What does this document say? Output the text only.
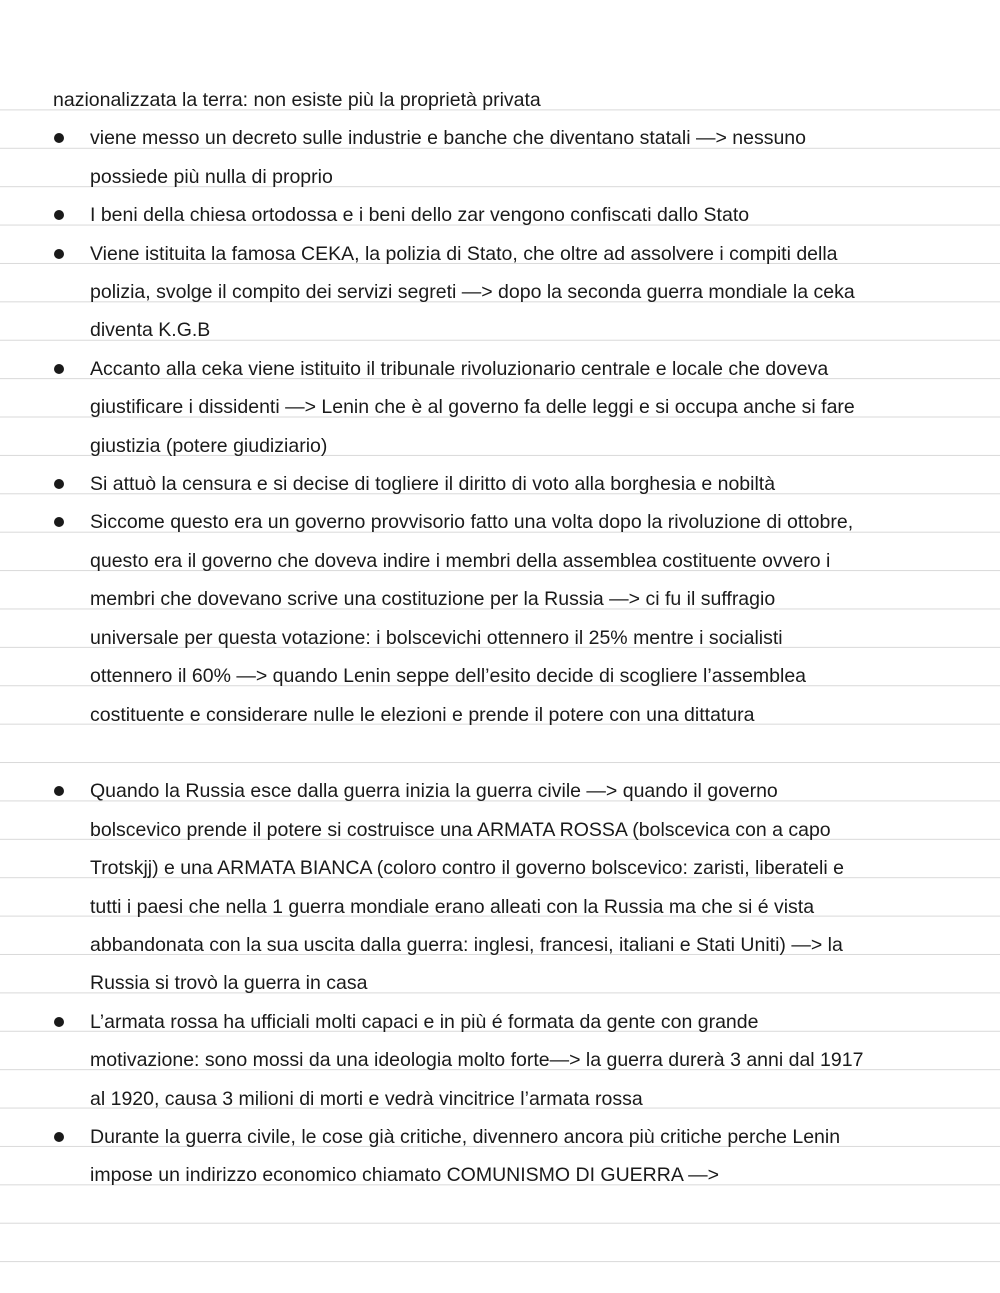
nazionalizzata la terra: non esiste più la proprietà privata

viene messo un decreto sulle industrie e banche che diventano statali —> nessuno
possiede più nulla di proprio
I beni della chiesa ortodossa e i beni dello zar vengono confiscati dallo Stato
Viene istituita la famosa CEKA, la polizia di Stato, che oltre ad assolvere i compiti della
polizia, svolge il compito dei servizi segreti —> dopo la seconda guerra mondiale la ceka
diventa K.G.B
Accanto alla ceka viene istituito il tribunale rivoluzionario centrale e locale che doveva
giustificare i dissidenti —> Lenin che è al governo fa delle leggi e si occupa anche si fare
giustizia (potere giudiziario)
Si attuò la censura e si decise di togliere il diritto di voto alla borghesia e nobiltà
Siccome questo era un governo provvisorio fatto una volta dopo la rivoluzione di ottobre,
questo era il governo che doveva indire i membri della assemblea costituente ovvero i
membri che dovevano scrive una costituzione per la Russia —> ci fu il suffragio
universale per questa votazione: i bolscevichi ottennero il 25% mentre i socialisti
ottennero il 60% —> quando Lenin seppe dell’esito decide di scogliere l’assemblea
costituente e considerare nulle le elezioni e prende il potere con una dittatura
Quando la Russia esce dalla guerra inizia la guerra civile —> quando il governo
bolscevico prende il potere si costruisce una ARMATA ROSSA (bolscevica con a capo
Trotskjj) e una ARMATA BIANCA (coloro contro il governo bolscevico: zaristi, liberateli e
tutti i paesi che nella 1 guerra mondiale erano alleati con la Russia ma che si é vista
abbandonata con la sua uscita dalla guerra: inglesi, francesi, italiani e Stati Uniti) —> la
Russia si trovò la guerra in casa
L’armata rossa ha ufficiali molti capaci e in più é formata da gente con grande
motivazione: sono mossi da una ideologia molto forte—> la guerra durerà 3 anni dal 1917
al 1920, causa 3 milioni di morti e vedrà vincitrice l’armata rossa
Durante la guerra civile, le cose già critiche, divennero ancora più critiche perche Lenin
impose un indirizzo economico chiamato COMUNISMO DI GUERRA —>
